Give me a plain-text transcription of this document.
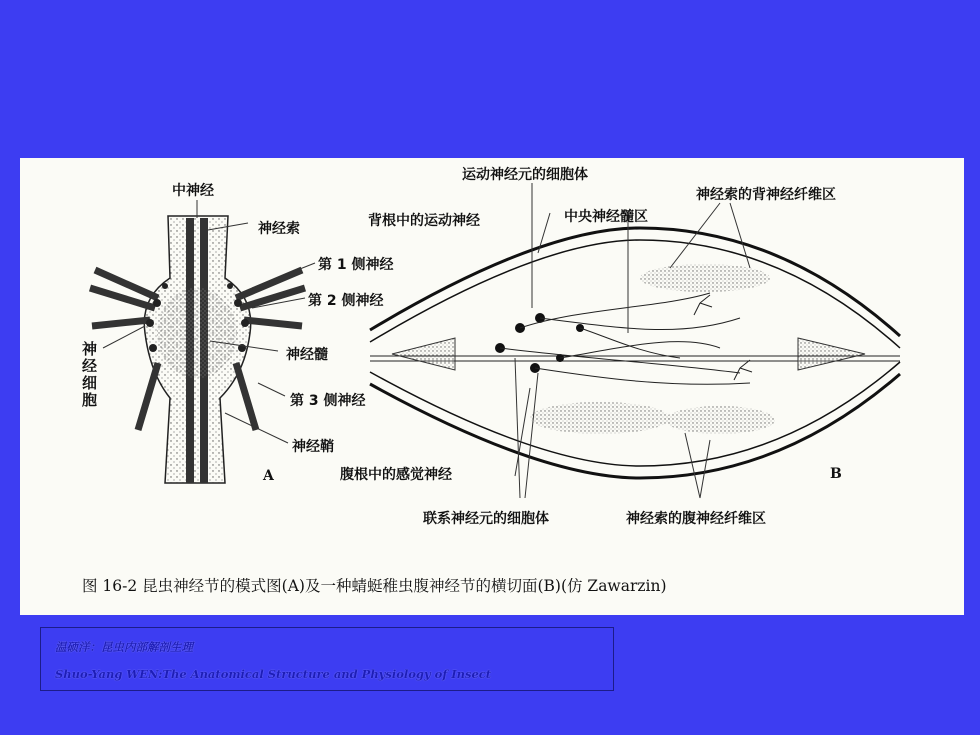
中神经
神经索
第 1 侧神经
第 2 侧神经
神经髓
神经细胞	第 3 侧神经
神经鞘
A
运动神经元的细胞体
背根中的运动神经	中央神经髓区
神经索的背神经纤维区
腹根中的感觉神经
联系神经元的细胞体	神经索的腹神经纤维区
B
图 16-2 昆虫神经节的模式图(A)及一种蜻蜓稚虫腹神经节的横切面(B)(仿 Zawarzin)
温硕洋：昆虫内部解剖生理
Shuo-Yang WEN:The Anatomical Structure and Physiology of Insect
